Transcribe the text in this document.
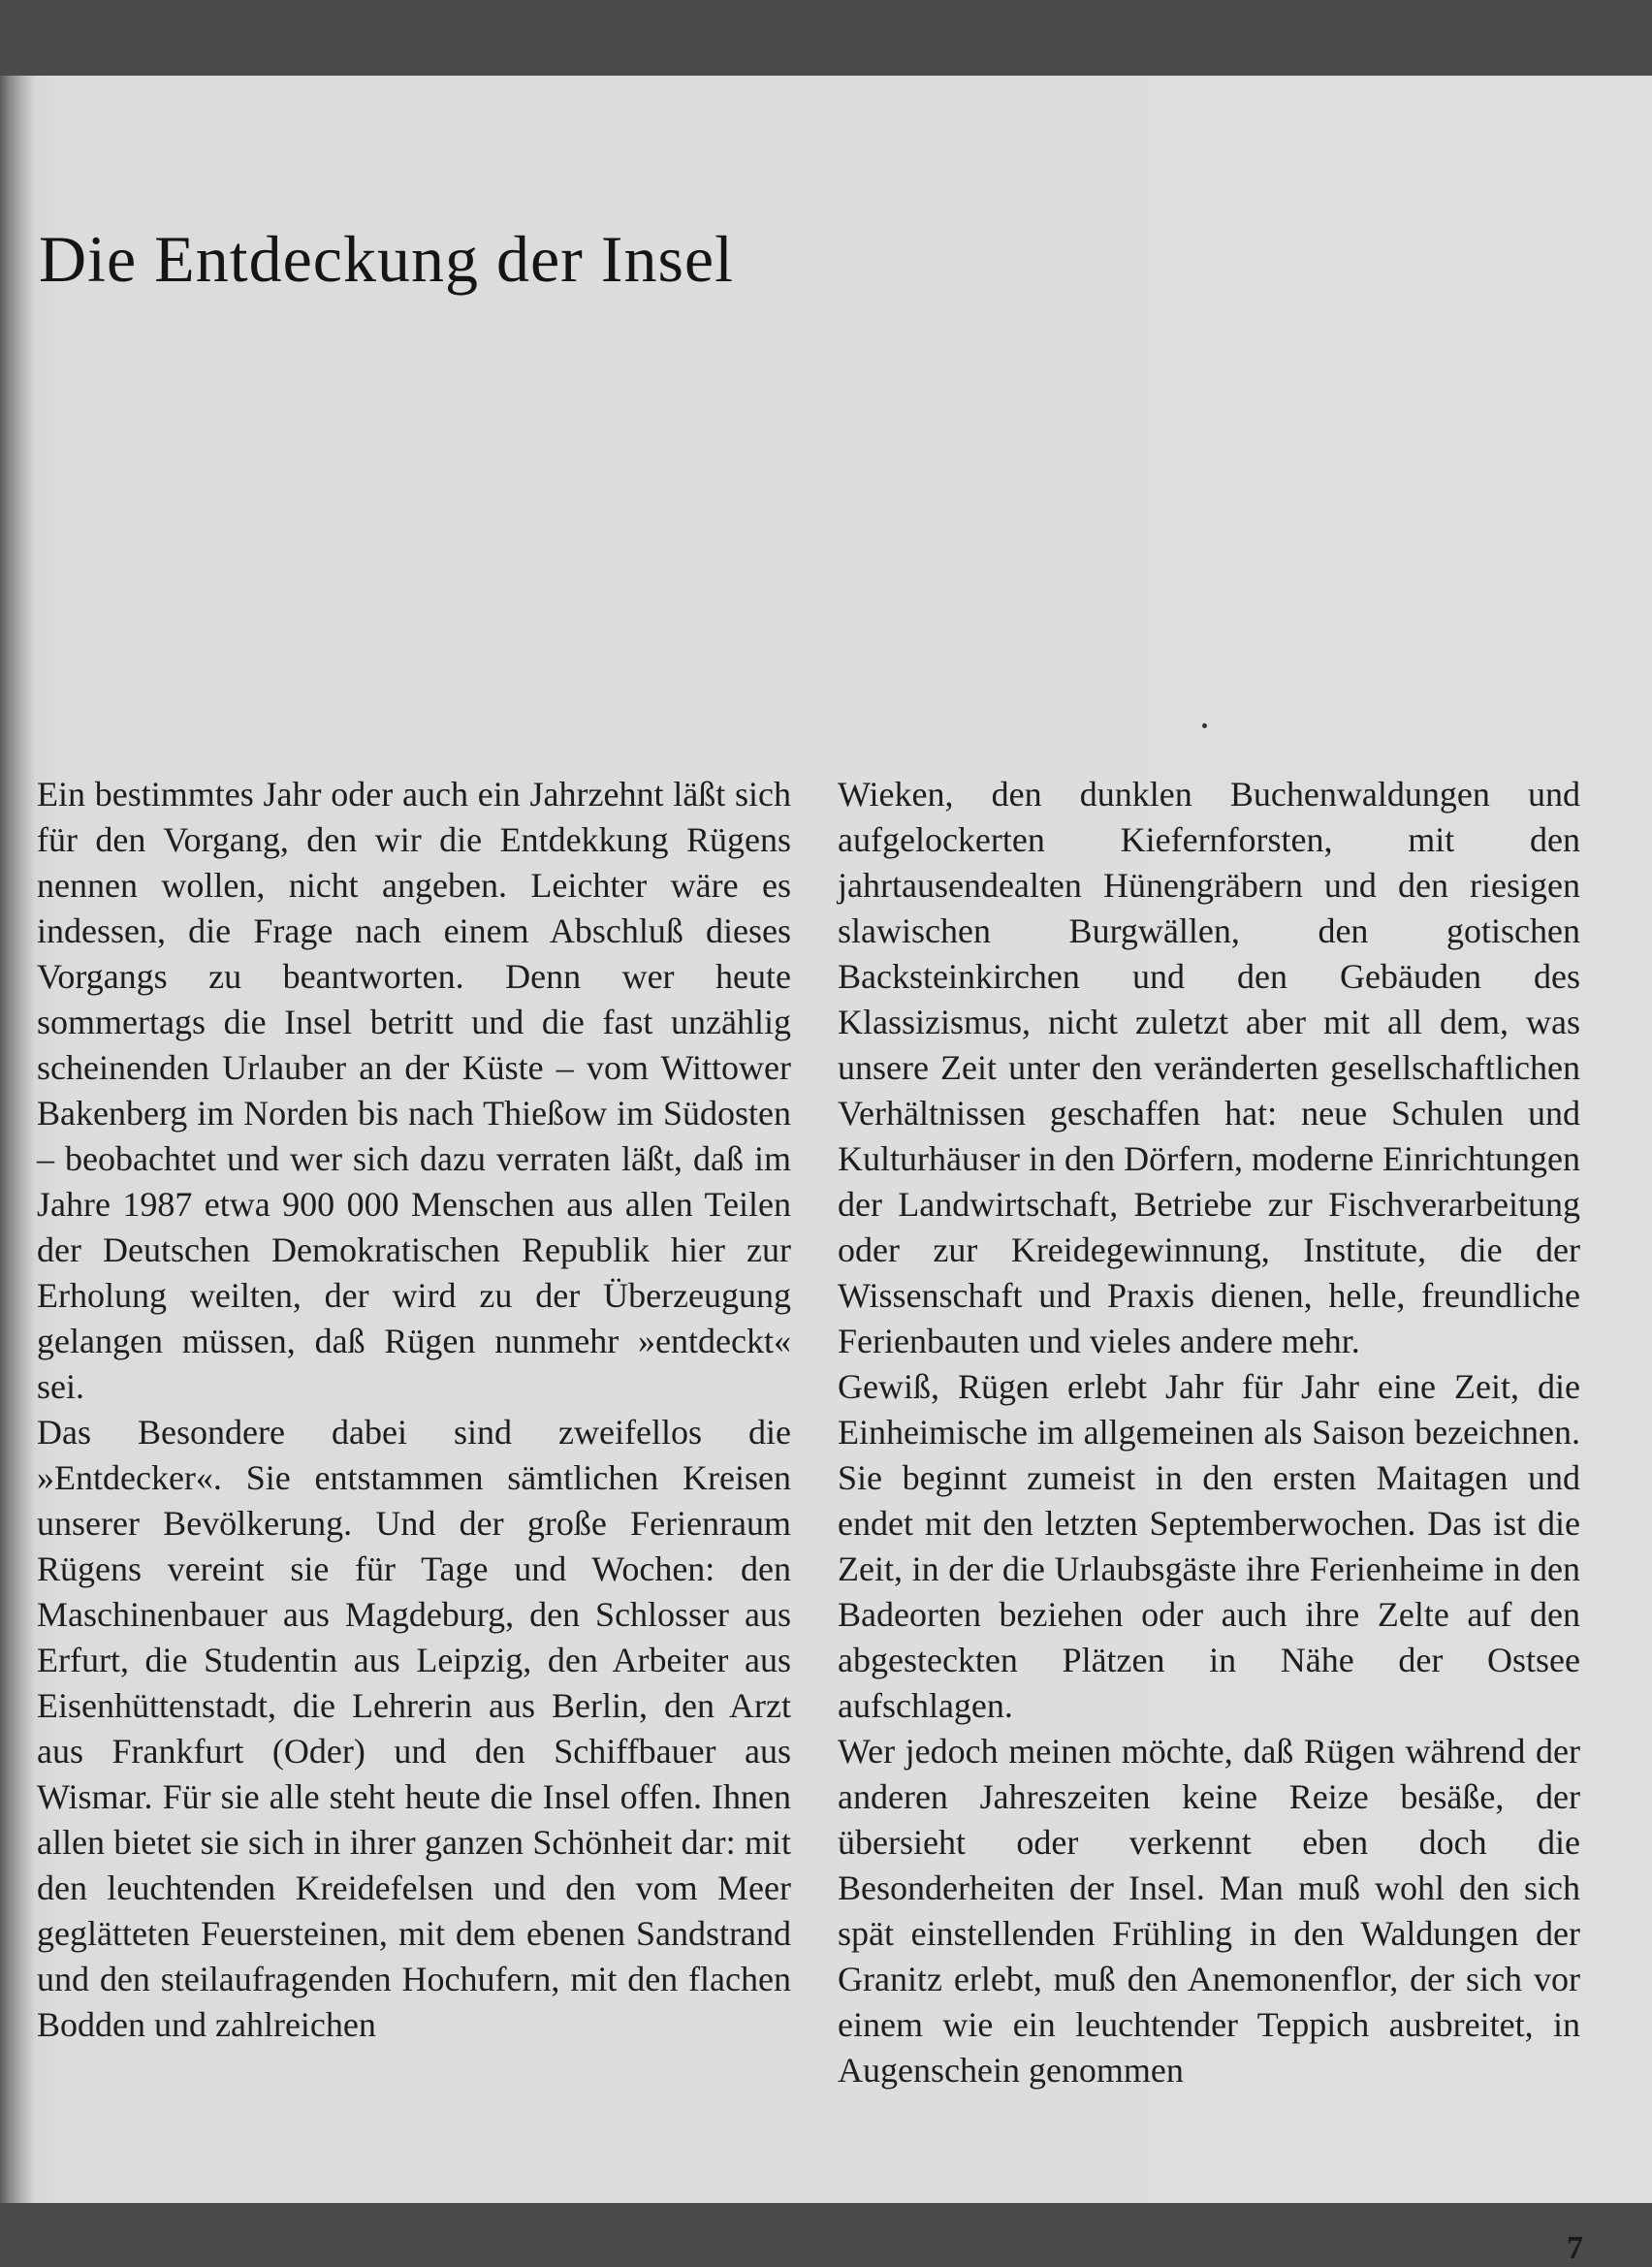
Die Entdeckung der Insel

Ein bestimmtes Jahr oder auch ein Jahrzehnt läßt sich für den Vorgang, den wir die Entdekkung Rügens nennen wollen, nicht angeben. Leichter wäre es indessen, die Frage nach einem Abschluß dieses Vorgangs zu beantworten. Denn wer heute sommertags die Insel betritt und die fast unzählig scheinenden Urlauber an der Küste – vom Wittower Bakenberg im Norden bis nach Thießow im Südosten – beobachtet und wer sich dazu verraten läßt, daß im Jahre 1987 etwa 900 000 Menschen aus allen Teilen der Deutschen Demokratischen Republik hier zur Erholung weilten, der wird zu der Überzeugung gelangen müssen, daß Rügen nunmehr »entdeckt« sei.

Das Besondere dabei sind zweifellos die »Entdecker«. Sie entstammen sämtlichen Kreisen unserer Bevölkerung. Und der große Ferienraum Rügens vereint sie für Tage und Wochen: den Maschinenbauer aus Magdeburg, den Schlosser aus Erfurt, die Studentin aus Leipzig, den Arbeiter aus Eisenhüttenstadt, die Lehrerin aus Berlin, den Arzt aus Frankfurt (Oder) und den Schiffbauer aus Wismar. Für sie alle steht heute die Insel offen. Ihnen allen bietet sie sich in ihrer ganzen Schönheit dar: mit den leuchtenden Kreidefelsen und den vom Meer geglätteten Feuersteinen, mit dem ebenen Sandstrand und den steilaufragenden Hochufern, mit den flachen Bodden und zahlreichen

Wieken, den dunklen Buchenwaldungen und aufgelockerten Kiefernforsten, mit den jahrtausendealten Hünengräbern und den riesigen slawischen Burgwällen, den gotischen Backsteinkirchen und den Gebäuden des Klassizismus, nicht zuletzt aber mit all dem, was unsere Zeit unter den veränderten gesellschaftlichen Verhältnissen geschaffen hat: neue Schulen und Kulturhäuser in den Dörfern, moderne Einrichtungen der Landwirtschaft, Betriebe zur Fischverarbeitung oder zur Kreidegewinnung, Institute, die der Wissenschaft und Praxis dienen, helle, freundliche Ferienbauten und vieles andere mehr.

Gewiß, Rügen erlebt Jahr für Jahr eine Zeit, die Einheimische im allgemeinen als Saison bezeichnen. Sie beginnt zumeist in den ersten Maitagen und endet mit den letzten Septemberwochen. Das ist die Zeit, in der die Urlaubsgäste ihre Ferienheime in den Badeorten beziehen oder auch ihre Zelte auf den abgesteckten Plätzen in Nähe der Ostsee aufschlagen.

Wer jedoch meinen möchte, daß Rügen während der anderen Jahreszeiten keine Reize besäße, der übersieht oder verkennt eben doch die Besonderheiten der Insel. Man muß wohl den sich spät einstellenden Frühling in den Waldungen der Granitz erlebt, muß den Anemonenflor, der sich vor einem wie ein leuchtender Teppich ausbreitet, in Augenschein genommen

7
